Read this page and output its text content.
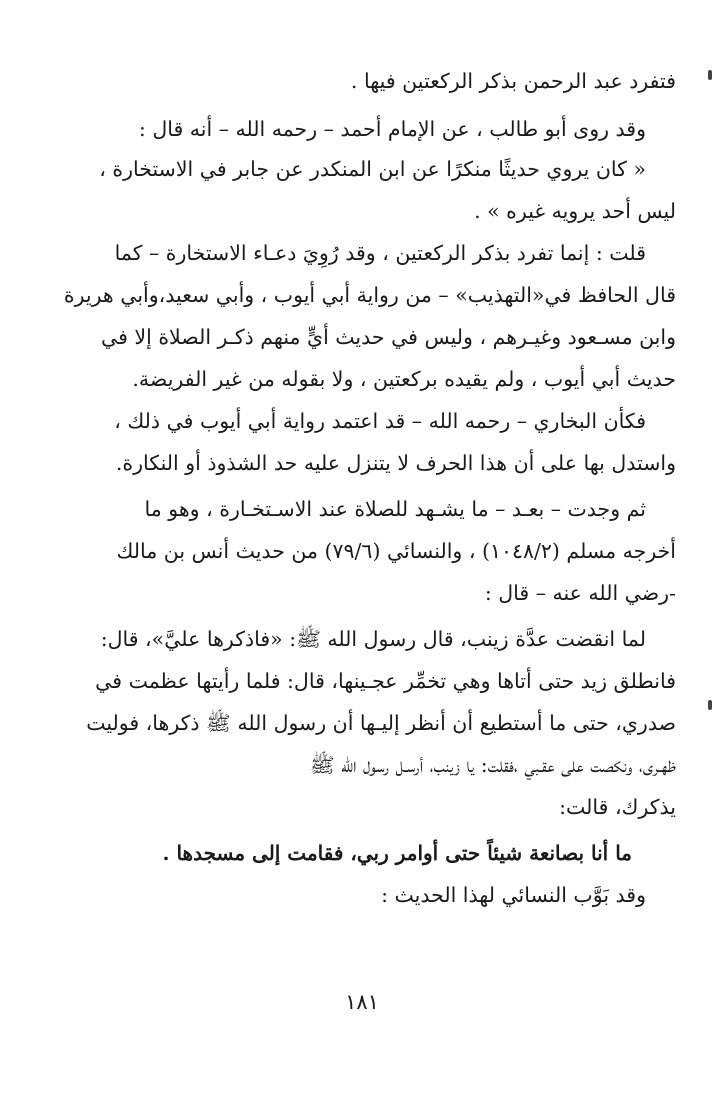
فتفرد عبد الرحمن بذكر الركعتين فيها .
وقد روى أبو طالب ، عن الإمام أحمد – رحمه الله – أنه قال :
« كان يروي حديثًا منكرًا عن ابن المنكدر عن جابر في الاستخارة ،
ليس أحد يرويه غيره » .
قلت : إنما تفرد بذكر الركعتين ، وقد رُوِيَ دعـاء الاستخارة – كما
قال الحافظ في«التهذيب» – من رواية أبي أيوب ، وأبي سعيد،وأبي هريرة
وابن مسـعود وغيـرهم ، وليس في حديث أيٍّ منهم ذكـر الصلاة إلا في
حديث أبي أيوب ، ولم يقيده بركعتين ، ولا بقوله من غير الفريضة.
فكأن البخاري – رحمه الله – قد اعتمد رواية أبي أيوب في ذلك ،
واستدل بها على أن هذا الحرف لا يتنزل عليه حد الشذوذ أو النكارة.
ثم وجدت – بعـد – ما يشـهد للصلاة عند الاسـتخـارة ، وهو ما
أخرجه مسلم (١٠٤٨/٢) ، والنسائي (٧٩/٦) من حديث أنس بن مالك
-رضي الله عنه – قال :
لما انقضت عدَّة زينب، قال رسول الله ﷺ: «فاذكرها عليَّ»، قال:
فانطلق زيد حتى أتاها وهي تخمِّر عجـينها، قال: فلما رأيتها عظمت في
صدري، حتى ما أستطيع أن أنظر إليـها أن رسول الله ﷺ ذكرها، فوليت
ظهـرى، ونكصت على عقـبي ،فقلت: يا زينب، أرسـل رسول الله ﷺ
يذكرك، قالت:
ما أنا بصانعة شيئاً حتى أوامر ربي، فقامت إلى مسجدها .
وقد بَوَّب النسائي لهذا الحديث :
١٨١
